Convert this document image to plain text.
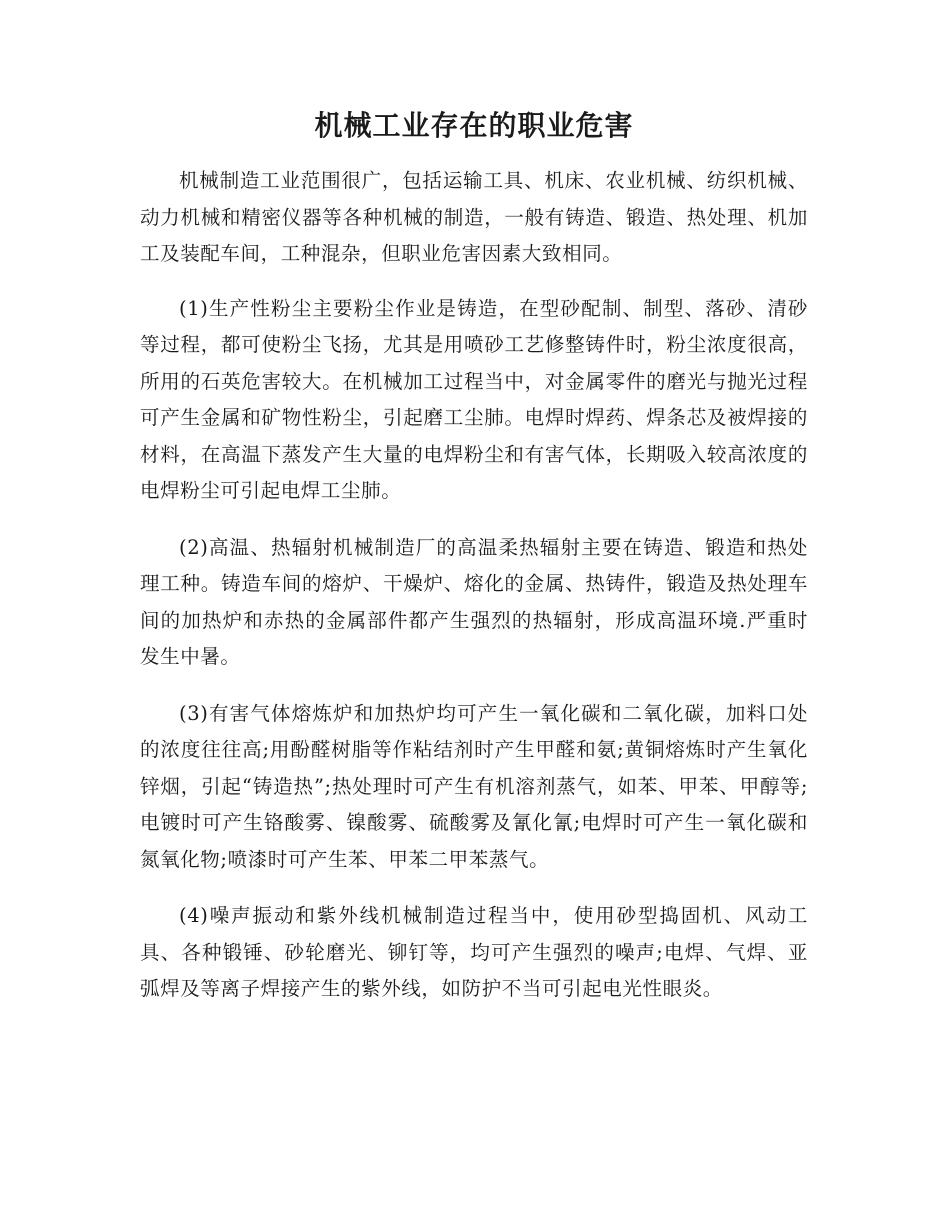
机械工业存在的职业危害

机械制造工业范围很广，包括运输工具、机床、农业机械、纺织机械、动力机械和精密仪器等各种机械的制造，一般有铸造、锻造、热处理、机加工及装配车间，工种混杂，但职业危害因素大致相同。

(1)生产性粉尘主要粉尘作业是铸造，在型砂配制、制型、落砂、清砂等过程，都可使粉尘飞扬，尤其是用喷砂工艺修整铸件时，粉尘浓度很高，所用的石英危害较大。在机械加工过程当中，对金属零件的磨光与抛光过程可产生金属和矿物性粉尘，引起磨工尘肺。电焊时焊药、焊条芯及被焊接的材料，在高温下蒸发产生大量的电焊粉尘和有害气体，长期吸入较高浓度的电焊粉尘可引起电焊工尘肺。

(2)高温、热辐射机械制造厂的高温柔热辐射主要在铸造、锻造和热处理工种。铸造车间的熔炉、干燥炉、熔化的金属、热铸件，锻造及热处理车间的加热炉和赤热的金属部件都产生强烈的热辐射，形成高温环境.严重时发生中暑。

(3)有害气体熔炼炉和加热炉均可产生一氧化碳和二氧化碳，加料口处的浓度往往高;用酚醛树脂等作粘结剂时产生甲醛和氨;黄铜熔炼时产生氧化锌烟，引起“铸造热”;热处理时可产生有机溶剂蒸气，如苯、甲苯、甲醇等;电镀时可产生铬酸雾、镍酸雾、硫酸雾及氰化氰;电焊时可产生一氧化碳和氮氧化物;喷漆时可产生苯、甲苯二甲苯蒸气。

(4)噪声振动和紫外线机械制造过程当中，使用砂型捣固机、风动工具、各种锻锤、砂轮磨光、铆钉等，均可产生强烈的噪声;电焊、气焊、亚弧焊及等离子焊接产生的紫外线，如防护不当可引起电光性眼炎。
